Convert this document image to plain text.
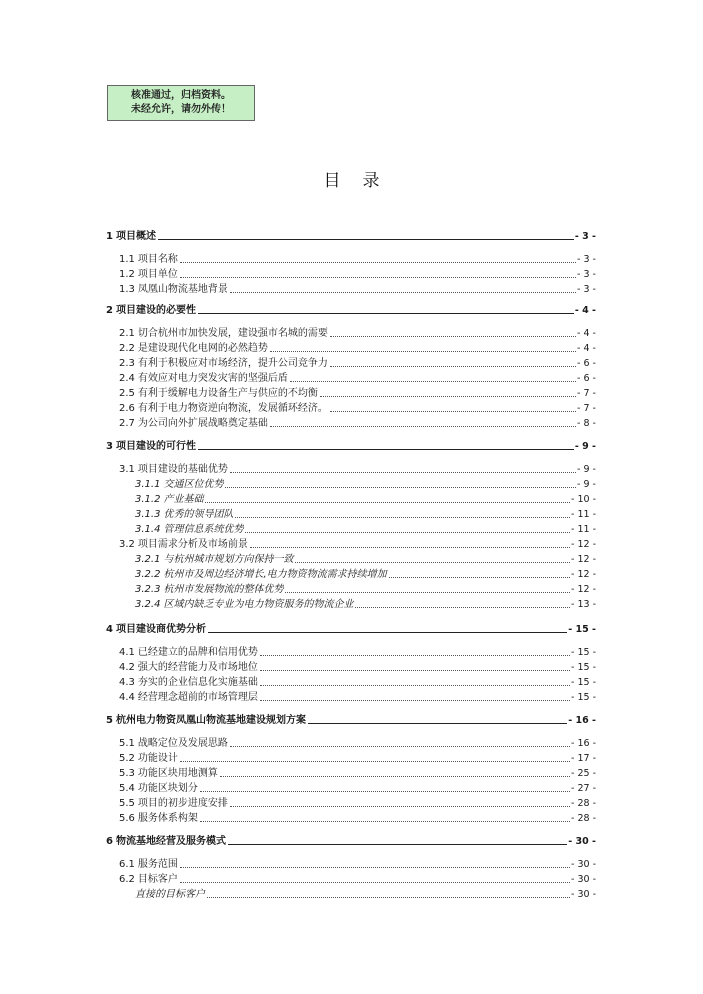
核准通过，归档资料。
未经允许，请勿外传！
目录
1 项目概述	- 3 -
1.1 项目名称	- 3 -
1.2 项目单位	- 3 -
1.3 凤凰山物流基地背景	- 3 -
2 项目建设的必要性	- 4 -
2.1 切合杭州市加快发展，建设强市名城的需要	- 4 -
2.2 是建设现代化电网的必然趋势	- 4 -
2.3 有利于积极应对市场经济，提升公司竞争力	- 6 -
2.4 有效应对电力突发灾害的坚强后盾	- 6 -
2.5 有利于缓解电力设备生产与供应的不均衡	- 7 -
2.6 有利于电力物资逆向物流，发展循环经济。	- 7 -
2.7 为公司向外扩展战略奠定基础	- 8 -
3 项目建设的可行性	- 9 -
3.1 项目建设的基础优势	- 9 -
3.1.1 交通区位优势	- 9 -
3.1.2 产业基础	- 10 -
3.1.3 优秀的领导团队	- 11 -
3.1.4 管理信息系统优势	- 11 -
3.2 项目需求分析及市场前景	- 12 -
3.2.1 与杭州城市规划方向保持一致	- 12 -
3.2.2 杭州市及周边经济增长,电力物资物流需求持续增加	- 12 -
3.2.3 杭州市发展物流的整体优势	- 12 -
3.2.4 区域内缺乏专业为电力物资服务的物流企业	- 13 -
4 项目建设商优势分析	- 15 -
4.1 已经建立的品牌和信用优势	- 15 -
4.2 强大的经营能力及市场地位	- 15 -
4.3 夯实的企业信息化实施基础	- 15 -
4.4 经营理念超前的市场管理层	- 15 -
5 杭州电力物资凤凰山物流基地建设规划方案	- 16 -
5.1 战略定位及发展思路	- 16 -
5.2 功能设计	- 17 -
5.3 功能区块用地测算	- 25 -
5.4 功能区块划分	- 27 -
5.5 项目的初步进度安排	- 28 -
5.6 服务体系构架	- 28 -
6 物流基地经营及服务模式	- 30 -
6.1 服务范围	- 30 -
6.2 目标客户	- 30 -
直接的目标客户	- 30 -
